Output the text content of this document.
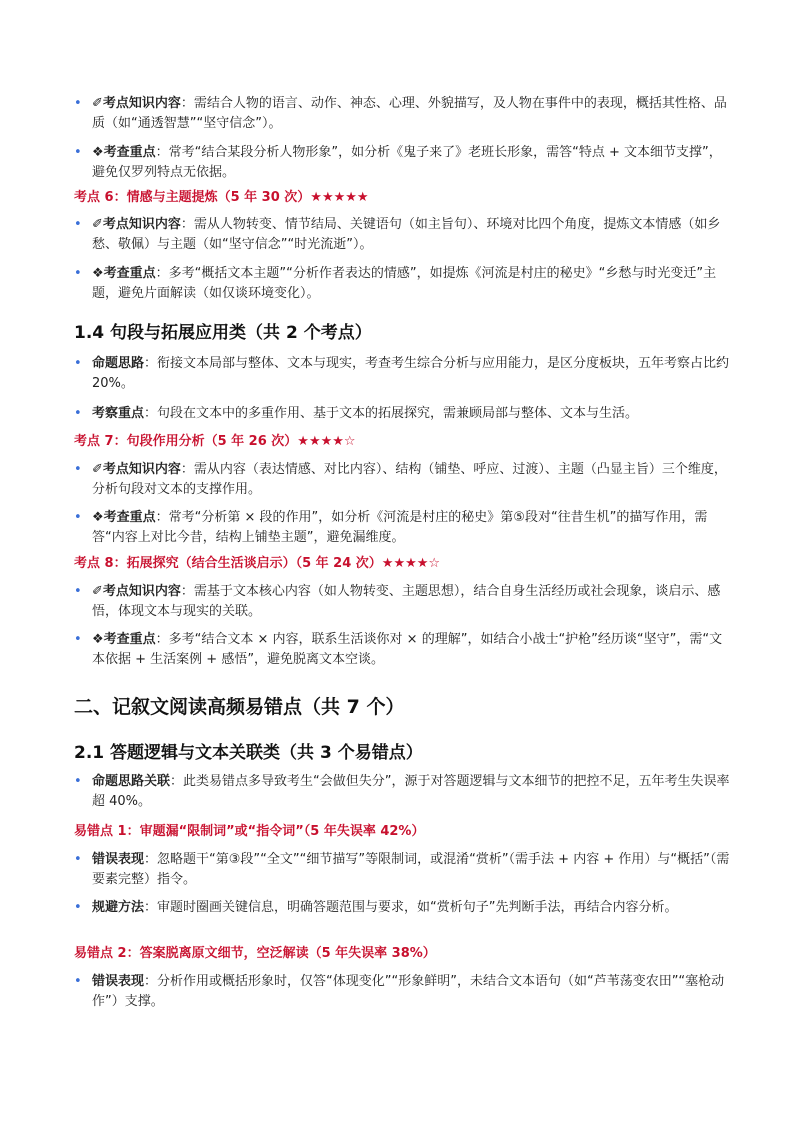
• ✐考点知识内容：需结合人物的语言、动作、神态、心理、外貌描写，及人物在事件中的表现，概括其性格、品质（如“通透智慧”“坚守信念”）。
• ❖考查重点：常考“结合某段分析人物形象”，如分析《鬼子来了》老班长形象，需答“特点 + 文本细节支撑”，避免仅罗列特点无依据。
考点 6：情感与主题提炼（5 年 30 次）★★★★★
• ✐考点知识内容：需从人物转变、情节结局、关键语句（如主旨句）、环境对比四个角度，提炼文本情感（如乡愁、敬佩）与主题（如“坚守信念”“时光流逝”）。
• ❖考查重点：多考“概括文本主题”“分析作者表达的情感”，如提炼《河流是村庄的秘史》“乡愁与时光变迁”主题，避免片面解读（如仅谈环境变化）。
1.4 句段与拓展应用类（共 2 个考点）
• 命题思路：衔接文本局部与整体、文本与现实，考查考生综合分析与应用能力，是区分度板块，五年考察占比约 20%。
• 考察重点：句段在文本中的多重作用、基于文本的拓展探究，需兼顾局部与整体、文本与生活。
考点 7：句段作用分析（5 年 26 次）★★★★☆
• ✐考点知识内容：需从内容（表达情感、对比内容）、结构（铺垫、呼应、过渡）、主题（凸显主旨）三个维度，分析句段对文本的支撑作用。
• ❖考查重点：常考“分析第 × 段的作用”，如分析《河流是村庄的秘史》第⑤段对“往昔生机”的描写作用，需答“内容上对比今昔，结构上铺垫主题”，避免漏维度。
考点 8：拓展探究（结合生活谈启示）（5 年 24 次）★★★★☆
• ✐考点知识内容：需基于文本核心内容（如人物转变、主题思想），结合自身生活经历或社会现象，谈启示、感悟，体现文本与现实的关联。
• ❖考查重点：多考“结合文本 × 内容，联系生活谈你对 × 的理解”，如结合小战士“护枪”经历谈“坚守”，需“文本依据 + 生活案例 + 感悟”，避免脱离文本空谈。
二、记叙文阅读高频易错点（共 7 个）
2.1 答题逻辑与文本关联类（共 3 个易错点）
• 命题思路关联：此类易错点多导致考生“会做但失分”，源于对答题逻辑与文本细节的把控不足，五年考生失误率超 40%。
易错点 1：审题漏“限制词”或“指令词”（5 年失误率 42%）
• 错误表现：忽略题干“第③段”“全文”“细节描写”等限制词，或混淆“赏析”（需手法 + 内容 + 作用）与“概括”（需要素完整）指令。
• 规避方法：审题时圈画关键信息，明确答题范围与要求，如“赏析句子”先判断手法，再结合内容分析。
易错点 2：答案脱离原文细节，空泛解读（5 年失误率 38%）
• 错误表现：分析作用或概括形象时，仅答“体现变化”“形象鲜明”，未结合文本语句（如“芦苇荡变农田”“塞枪动作”）支撑。
